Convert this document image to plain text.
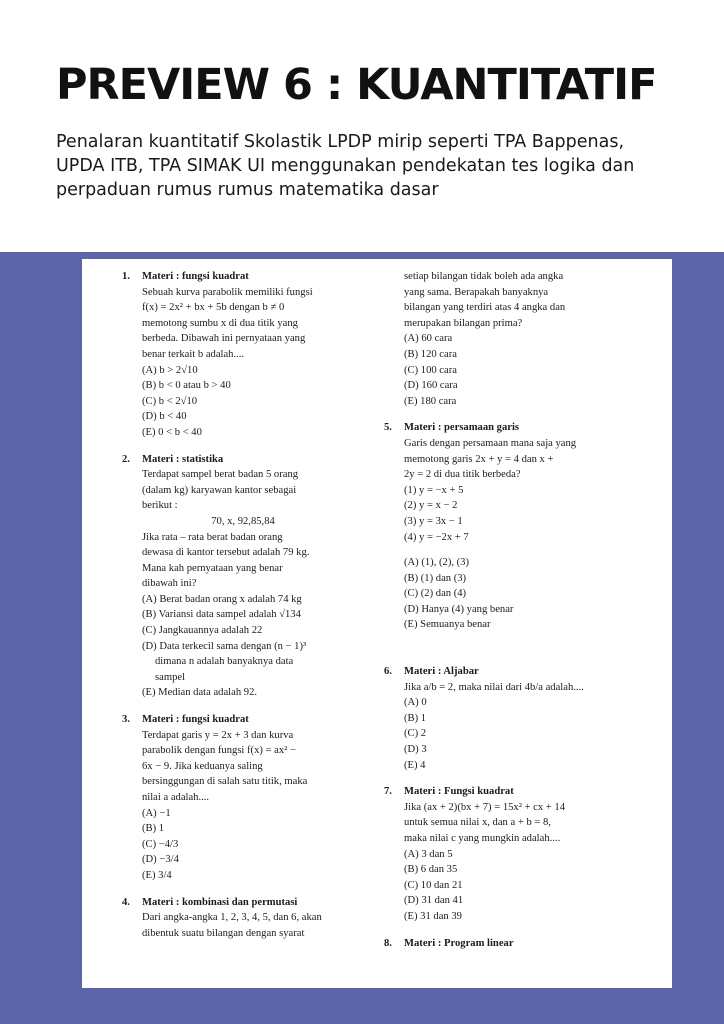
PREVIEW 6 : KUANTITATIF
Penalaran kuantitatif Skolastik LPDP mirip seperti TPA Bappenas, UPDA ITB, TPA SIMAK UI menggunakan pendekatan tes logika dan perpaduan rumus rumus matematika dasar
1.	Materi : fungsi kuadrat
Sebuah kurva parabolik memiliki fungsi
f(x) = 2x² + bx + 5b dengan b ≠ 0
memotong sumbu x di dua titik yang
berbeda. Dibawah ini pernyataan yang
benar terkait b adalah....
(A) b > 2√10
(B) b < 0 atau b > 40
(C) b < 2√10
(D) b < 40
(E) 0 < b < 40
2.	Materi : statistika
Terdapat sampel berat badan 5 orang
(dalam kg) karyawan kantor sebagai
berikut :
70, x, 92,85,84
Jika rata – rata berat badan orang
dewasa di kantor tersebut adalah 79 kg.
Mana kah pernyataan yang benar
dibawah ini?
(A) Berat badan orang x adalah 74 kg
(B) Variansi data sampel adalah √134
(C) Jangkauannya adalah 22
(D) Data terkecil sama dengan (n − 1)³
dimana n adalah banyaknya data
sampel
(E) Median data adalah 92.
3.	Materi : fungsi kuadrat
Terdapat garis y = 2x + 3 dan kurva
parabolik dengan fungsi f(x) = ax² −
6x − 9. Jika keduanya saling
bersinggungan di salah satu titik, maka
nilai a adalah....
(A) −1
(B) 1
(C) −4/3
(D) −3/4
(E) 3/4
4.	Materi : kombinasi dan permutasi
Dari angka-angka 1, 2, 3, 4, 5, dan 6, akan
dibentuk suatu bilangan dengan syarat
setiap bilangan tidak boleh ada angka
yang sama. Berapakah banyaknya
bilangan yang terdiri atas 4 angka dan
merupakan bilangan prima?
(A) 60 cara
(B) 120 cara
(C) 100 cara
(D) 160 cara
(E) 180 cara
5.	Materi : persamaan garis
Garis dengan persamaan mana saja yang
memotong garis 2x + y = 4 dan x +
2y = 2 di dua titik berbeda?
(1) y = −x + 5
(2) y = x − 2
(3) y = 3x − 1
(4) y = −2x + 7
(A) (1), (2), (3)
(B) (1) dan (3)
(C) (2) dan (4)
(D) Hanya (4) yang benar
(E) Semuanya benar
6.	Materi : Aljabar
Jika a/b = 2, maka nilai dari 4b/a adalah....
(A) 0
(B) 1
(C) 2
(D) 3
(E) 4
7.	Materi : Fungsi kuadrat
Jika (ax + 2)(bx + 7) = 15x² + cx + 14
untuk semua nilai x, dan a + b = 8,
maka nilai c yang mungkin adalah....
(A) 3 dan 5
(B) 6 dan 35
(C) 10 dan 21
(D) 31 dan 41
(E) 31 dan 39
8.	Materi : Program linear
